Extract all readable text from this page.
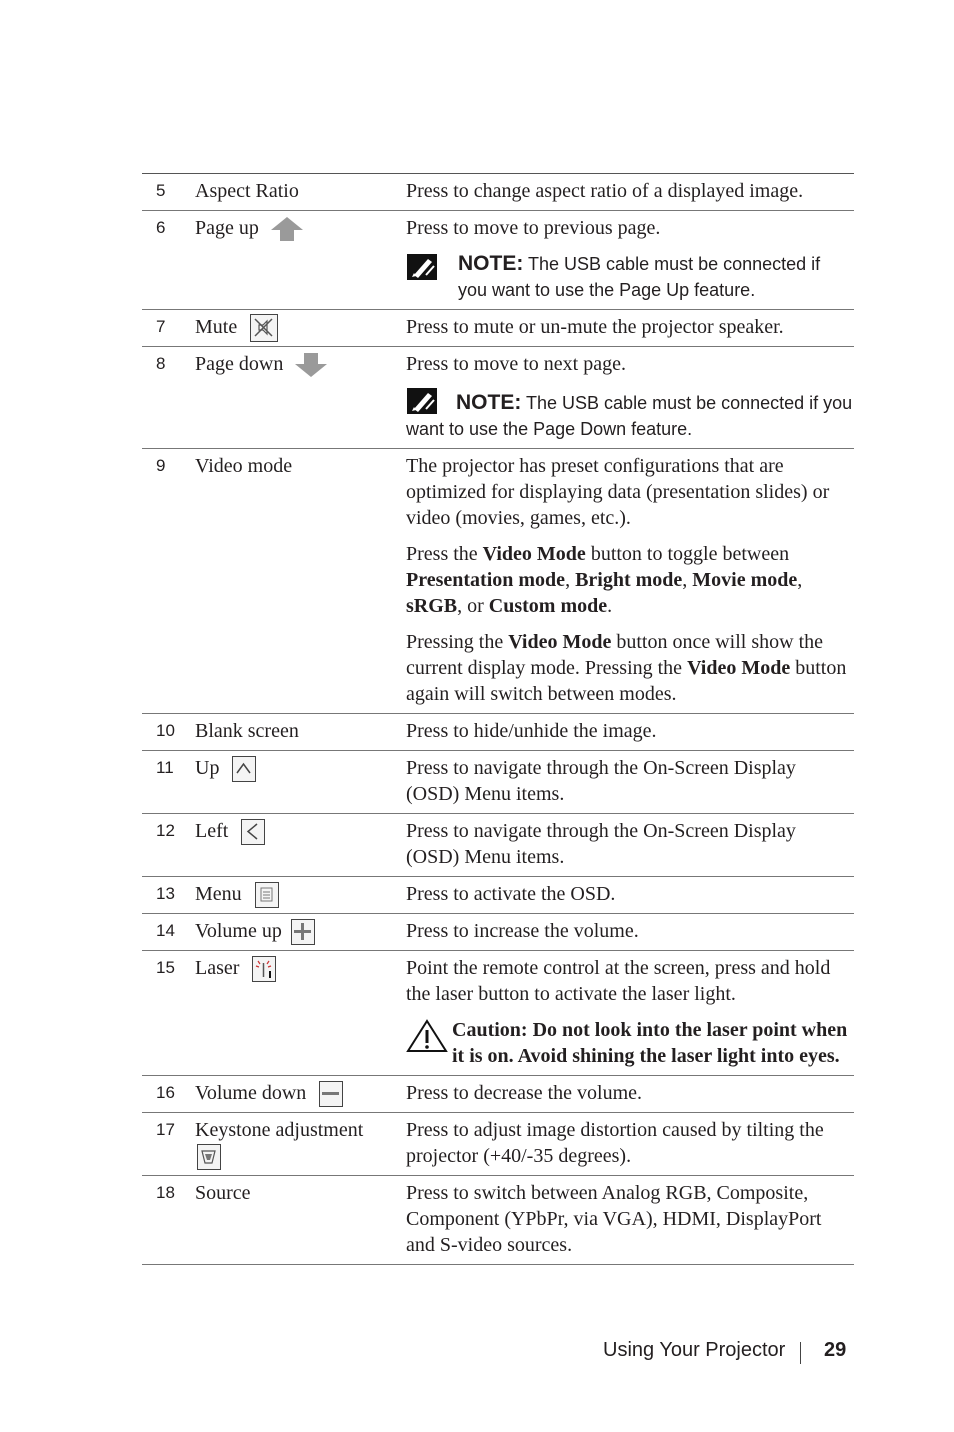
5	Aspect Ratio	Press to change aspect ratio of a displayed image.
6	Page up	Press to move to previous page.

NOTE: The USB cable must be connected if you want to use the Page Up feature.
7	Mute	Press to mute or un-mute the projector speaker.
8	Page down	Press to move to next page.

NOTE: The USB cable must be connected if you want to use the Page Down feature.
9	Video mode	The projector has preset configurations that are optimized for displaying data (presentation slides) or video (movies, games, etc.).

Press the Video Mode button to toggle between Presentation mode, Bright mode, Movie mode, sRGB, or Custom mode.

Pressing the Video Mode button once will show the current display mode. Pressing the Video Mode button again will switch between modes.

10	Blank screen	Press to hide/unhide the image.
11	Up	Press to navigate through the On-Screen Display (OSD) Menu items.
12	Left	Press to navigate through the On-Screen Display (OSD) Menu items.
13	Menu	Press to activate the OSD.
14	Volume up	Press to increase the volume.
15	Laser	Point the remote control at the screen, press and hold the laser button to activate the laser light.

Caution: Do not look into the laser point when it is on. Avoid shining the laser light into eyes.
16	Volume down	Press to decrease the volume.
17	Keystone adjustment	Press to adjust image distortion caused by tilting the projector (+40/-35 degrees).
18	Source	Press to switch between Analog RGB, Composite, Component (YPbPr, via VGA), HDMI, DisplayPort and S-video sources.
Using Your Projector 29
